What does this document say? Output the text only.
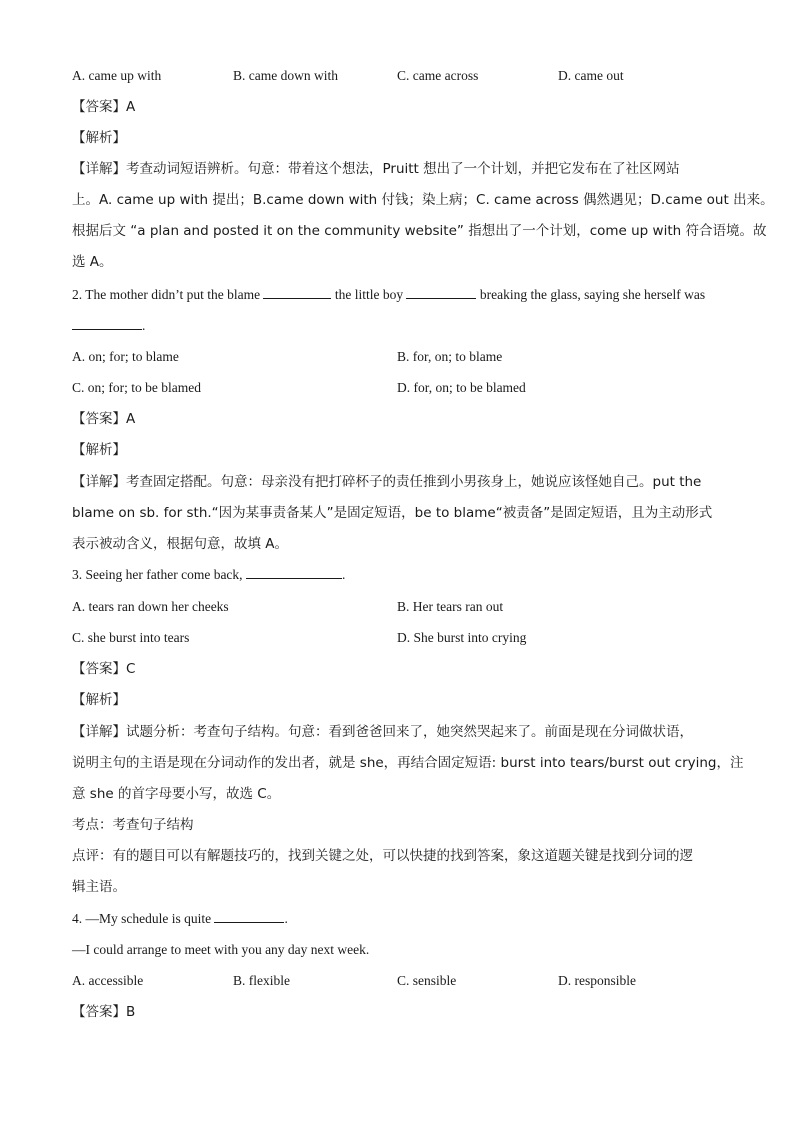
A. came up with	B. came down with	C. came across	D. came out
【答案】A
【解析】
【详解】考查动词短语辨析。句意：带着这个想法，Pruitt 想出了一个计划，并把它发布在了社区网站
上。A. came up with 提出；B.came down with 付钱；染上病；C. came across 偶然遇见；D.came out 出来。
根据后文 “a plan and posted it on the community website” 指想出了一个计划，come up with 符合语境。故
选 A。
2. The mother didn’t put the blame	the little boy	breaking the glass, saying she herself was
.
A. on; for; to blame	B. for, on; to blame
C. on; for; to be blamed	D. for, on; to be blamed
【答案】A
【解析】
【详解】考查固定搭配。句意：母亲没有把打碎杯子的责任推到小男孩身上，她说应该怪她自己。put the
blame on sb. for sth.“因为某事责备某人”是固定短语，be to blame“被责备”是固定短语，且为主动形式
表示被动含义，根据句意，故填 A。
3. Seeing her father come back,	.
A. tears ran down her cheeks	B. Her tears ran out
C. she burst into tears	D. She burst into crying
【答案】C
【解析】
【详解】试题分析：考查句子结构。句意：看到爸爸回来了，她突然哭起来了。前面是现在分词做状语，
说明主句的主语是现在分词动作的发出者，就是 she，再结合固定短语: burst into tears/burst out crying，注
意 she 的首字母要小写，故选 C。
考点：考查句子结构
点评：有的题目可以有解题技巧的，找到关键之处，可以快捷的找到答案，象这道题关键是找到分词的逻
辑主语。
4. —My schedule is quite	.
—I could arrange to meet with you any day next week.
A. accessible	B. flexible	C. sensible	D. responsible
【答案】B
